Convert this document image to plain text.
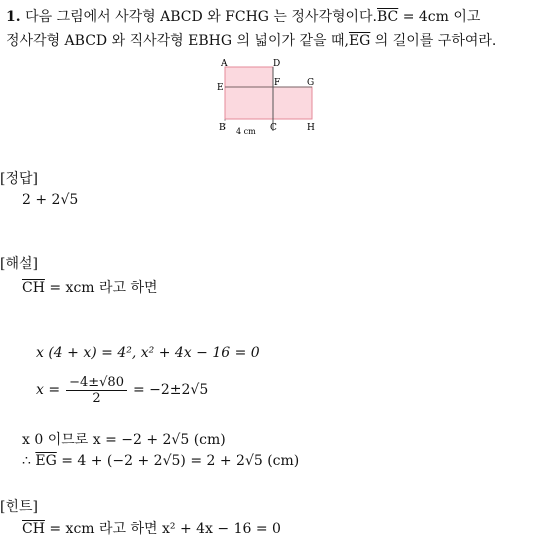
1. 다음 그림에서 사각형 ABCD 와 FCHG 는 정사각형이다$.\overline{BC} = 4cm$ 이고
정사각형 ABCD 와 직사각형 EBHG 의 넓이가 같을 때$,\overline{EG}$ 의 길이를 구하여라.
A	D
E	F	G
B	C	H
4 cm
[정답]
2 + 2√5
[해설]
$\overline{CH}$ = xcm 라고 하면
x (4 + x) = 4², x² + 4x − 16 = 0
$x = \frac{-4\pm√80}{2} = -2\pm 2√5$
x 0 이므로 x = −2 + 2√5 (cm)
∴ $\overline{EG} = 4 + (-2 + 2√5) = 2 + 2√5$ (cm)
[힌트]
$\overline{CH}$ = xcm 라고 하면 x² + 4x − 16 = 0
